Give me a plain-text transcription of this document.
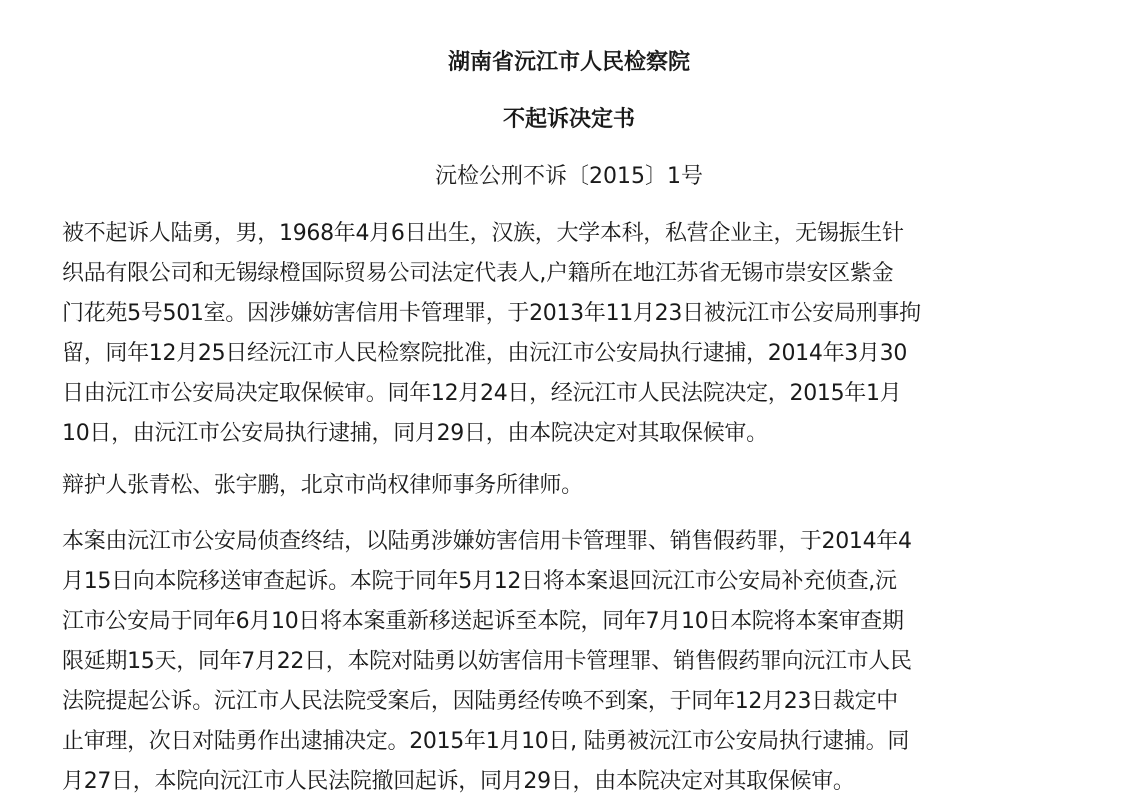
湖南省沅江市人民检察院
不起诉决定书
沅检公刑不诉〔2015〕1号
被不起诉人陆勇，男，1968年4月6日出生，汉族，大学本科，私营企业主，无锡振生针
织品有限公司和无锡绿橙国际贸易公司法定代表人,户籍所在地江苏省无锡市崇安区紫金
门花苑5号501室。因涉嫌妨害信用卡管理罪，于2013年11月23日被沅江市公安局刑事拘
留，同年12月25日经沅江市人民检察院批准，由沅江市公安局执行逮捕，2014年3月30
日由沅江市公安局决定取保候审。同年12月24日，经沅江市人民法院决定，2015年1月
10日，由沅江市公安局执行逮捕，同月29日，由本院决定对其取保候审。
辩护人张青松、张宇鹏，北京市尚权律师事务所律师。
本案由沅江市公安局侦查终结，以陆勇涉嫌妨害信用卡管理罪、销售假药罪，于2014年4
月15日向本院移送审查起诉。本院于同年5月12日将本案退回沅江市公安局补充侦查,沅
江市公安局于同年6月10日将本案重新移送起诉至本院，同年7月10日本院将本案审查期
限延期15天，同年7月22日，本院对陆勇以妨害信用卡管理罪、销售假药罪向沅江市人民
法院提起公诉。沅江市人民法院受案后，因陆勇经传唤不到案，于同年12月23日裁定中
止审理，次日对陆勇作出逮捕决定。2015年1月10日, 陆勇被沅江市公安局执行逮捕。同
月27日，本院向沅江市人民法院撤回起诉，同月29日，由本院决定对其取保候审。
